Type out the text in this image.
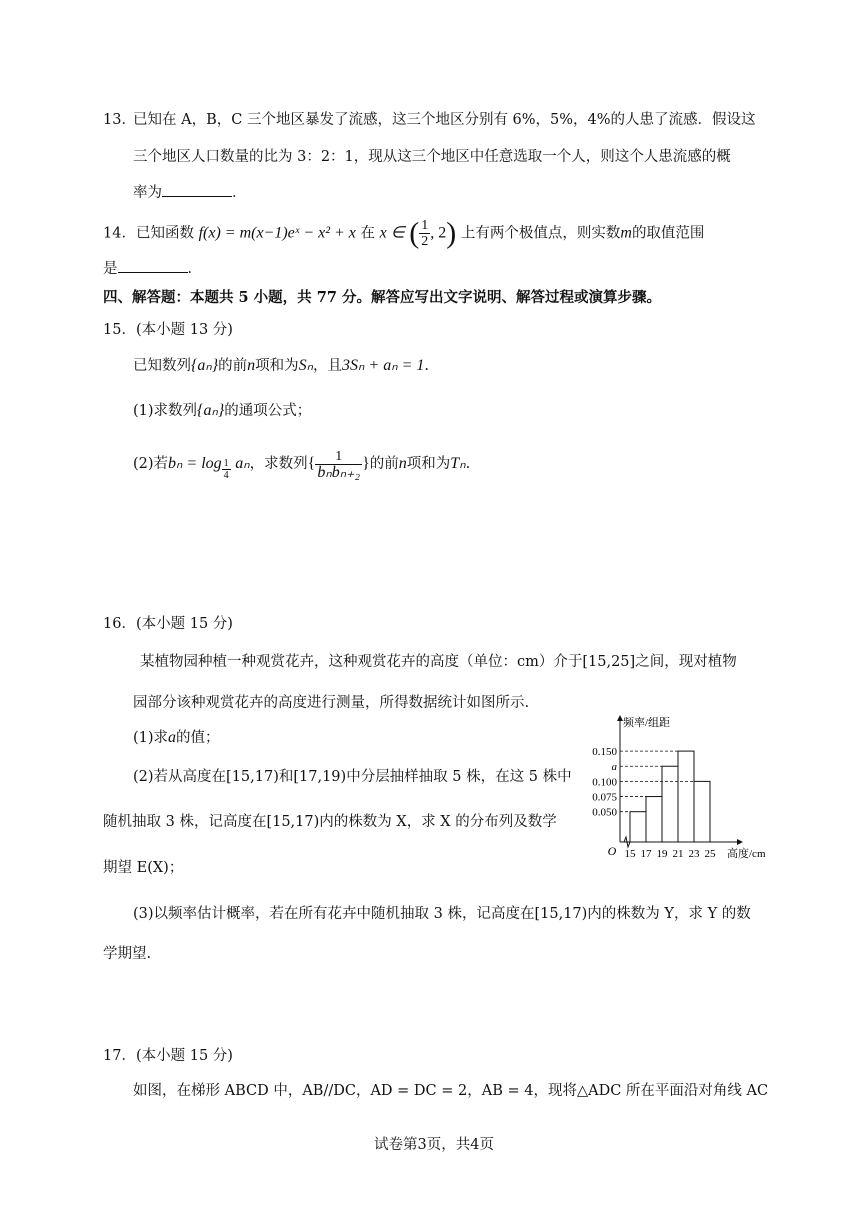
13．
已知在 A，B，C 三个地区暴发了流感，这三个地区分别有 6%，5%，4%的人患了流感．假设这
三个地区人口数量的比为 3：2：1，现从这三个地区中任意选取一个人，则这个人患流感的概
率为	．
14．已知函数 f(x) = m(x−1)eˣ − x² + x 在 x ∈ ( $\frac{1}{2}$ , 2) 上有两个极值点，则实数m的取值范围
是	．
四、解答题：本题共 5 小题，共 77 分。解答应写出文字说明、解答过程或演算步骤。
15．(本小题 13 分)
已知数列{aₙ}的前n项和为Sₙ，且3Sₙ + aₙ = 1.
(1)求数列{aₙ}的通项公式；
(2)若$b_n = \log \frac{1}{4}$ aₙ，求数列{ $\frac{1}{\text{bₙbₙ₊₂}}$ }的前n项和为Tₙ.
16．(本小题 15 分)
某植物园种植一种观赏花卉，这种观赏花卉的高度（单位：cm）介于[15,25]之间，现对植物
园部分该种观赏花卉的高度进行测量，所得数据统计如图所示.
(1)求a的值；
(2)若从高度在[15,17)和[17,19)中分层抽样抽取 5 株，在这 5 株中
随机抽取 3 株，记高度在[15,17)内的株数为 X，求 X 的分布列及数学
期望 E(X)；
(3)以频率估计概率，若在所有花卉中随机抽取 3 株，记高度在[15,17)内的株数为 Y，求 Y 的数
学期望.
0.150
a
0.100
0.075
0.050
15 17 19 21 23 25
O	高度/cm
频率/组距
17．(本小题 15 分)
如图，在梯形 ABCD 中，AB//DC，AD = DC = 2，AB = 4，现将△ADC 所在平面沿对角线 AC
试卷第3页，共4页
